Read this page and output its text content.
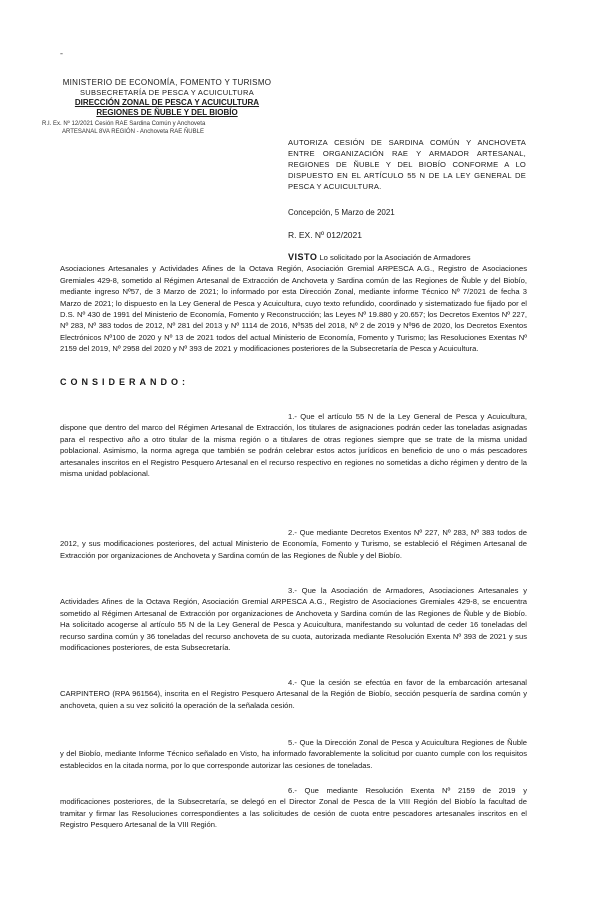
-
MINISTERIO DE ECONOMÍA, FOMENTO Y TURISMO
SUBSECRETARÍA DE PESCA Y ACUICULTURA
DIRECCIÓN ZONAL DE PESCA Y ACUICULTURA
REGIONES DE ÑUBLE Y DEL BIOBÍO
R.I. Ex. Nº 12/2021 Cesión RAE Sardina Común y Anchoveta
ARTESANAL 8VA REGIÓN - Anchoveta RAE ÑUBLE
AUTORIZA CESIÓN DE SARDINA COMÚN Y ANCHOVETA ENTRE ORGANIZACIÓN RAE Y ARMADOR ARTESANAL, REGIONES DE ÑUBLE Y DEL BIOBÍO CONFORME A LO DISPUESTO EN EL ARTÍCULO 55 N DE LA LEY GENERAL DE PESCA Y ACUICULTURA.
Concepción, 5 Marzo de 2021
R. EX. Nº 012/2021
VISTO Lo solicitado por la Asociación de Armadores
Asociaciones Artesanales y Actividades Afines de la Octava Región, Asociación Gremial ARPESCA A.G., Registro de Asociaciones Gremiales 429-8, sometido al Régimen Artesanal de Extracción de Anchoveta y Sardina común de las Regiones de Ñuble y del Biobío, mediante ingreso Nº57, de 3 Marzo de 2021; lo informado por esta Dirección Zonal, mediante informe Técnico Nº 7/2021 de fecha 3 Marzo de 2021; lo dispuesto en la Ley General de Pesca y Acuicultura, cuyo texto refundido, coordinado y sistematizado fue fijado por el D.S. Nº 430 de 1991 del Ministerio de Economía, Fomento y Reconstrucción; las Leyes Nº 19.880 y 20.657; los Decretos Exentos Nº 227, Nº 283, Nº 383 todos de 2012, Nº 281 del 2013 y Nº 1114 de 2016, Nº535 del 2018, Nº 2 de 2019 y Nº96 de 2020, los Decretos Exentos Electrónicos Nº100 de 2020 y Nº 13 de 2021 todos del actual Ministerio de Economía, Fomento y Turismo; las Resoluciones Exentas Nº 2159 del 2019, Nº 2958 del 2020 y Nº 393 de 2021 y modificaciones posteriores de la Subsecretaría de Pesca y Acuicultura.
CONSIDERANDO:
1.- Que el artículo 55 N de la Ley General de Pesca y Acuicultura, dispone que dentro del marco del Régimen Artesanal de Extracción, los titulares de asignaciones podrán ceder las toneladas asignadas para el respectivo año a otro titular de la misma región o a titulares de otras regiones siempre que se trate de la misma unidad poblacional. Asimismo, la norma agrega que también se podrán celebrar estos actos jurídicos en beneficio de uno o más pescadores artesanales inscritos en el Registro Pesquero Artesanal en el recurso respectivo en regiones no sometidas a dicho régimen y dentro de la misma unidad poblacional.
2.- Que mediante Decretos Exentos Nº 227, Nº 283, Nº 383 todos de 2012, y sus modificaciones posteriores, del actual Ministerio de Economía, Fomento y Turismo, se estableció el Régimen Artesanal de Extracción por organizaciones de Anchoveta y Sardina común de las Regiones de Ñuble y del Biobío.
3.- Que la Asociación de Armadores, Asociaciones Artesanales y Actividades Afines de la Octava Región, Asociación Gremial ARPESCA A.G., Registro de Asociaciones Gremiales 429-8, se encuentra sometido al Régimen Artesanal de Extracción por organizaciones de Anchoveta y Sardina común de las Regiones de Ñuble y de Biobío. Ha solicitado acogerse al artículo 55 N de la Ley General de Pesca y Acuicultura, manifestando su voluntad de ceder 16 toneladas del recurso sardina común y 36 toneladas del recurso anchoveta de su cuota, autorizada mediante Resolución Exenta Nº 393 de 2021 y sus modificaciones posteriores, de esta Subsecretaría.
4.- Que la cesión se efectúa en favor de la embarcación artesanal CARPINTERO (RPA 961564), inscrita en el Registro Pesquero Artesanal de la Región de Biobío, sección pesquería de sardina común y anchoveta, quien a su vez solicitó la operación de la señalada cesión.
5.- Que la Dirección Zonal de Pesca y Acuicultura Regiones de Ñuble y del Biobío, mediante Informe Técnico señalado en Visto, ha informado favorablemente la solicitud por cuanto cumple con los requisitos establecidos en la citada norma, por lo que corresponde autorizar las cesiones de toneladas.
6.- Que mediante Resolución Exenta Nº 2159 de 2019 y modificaciones posteriores, de la Subsecretaría, se delegó en el Director Zonal de Pesca de la VIII Región del Biobío la facultad de tramitar y firmar las Resoluciones correspondientes a las solicitudes de cesión de cuota entre pescadores artesanales inscritos en el Registro Pesquero Artesanal de la VIII Región.
